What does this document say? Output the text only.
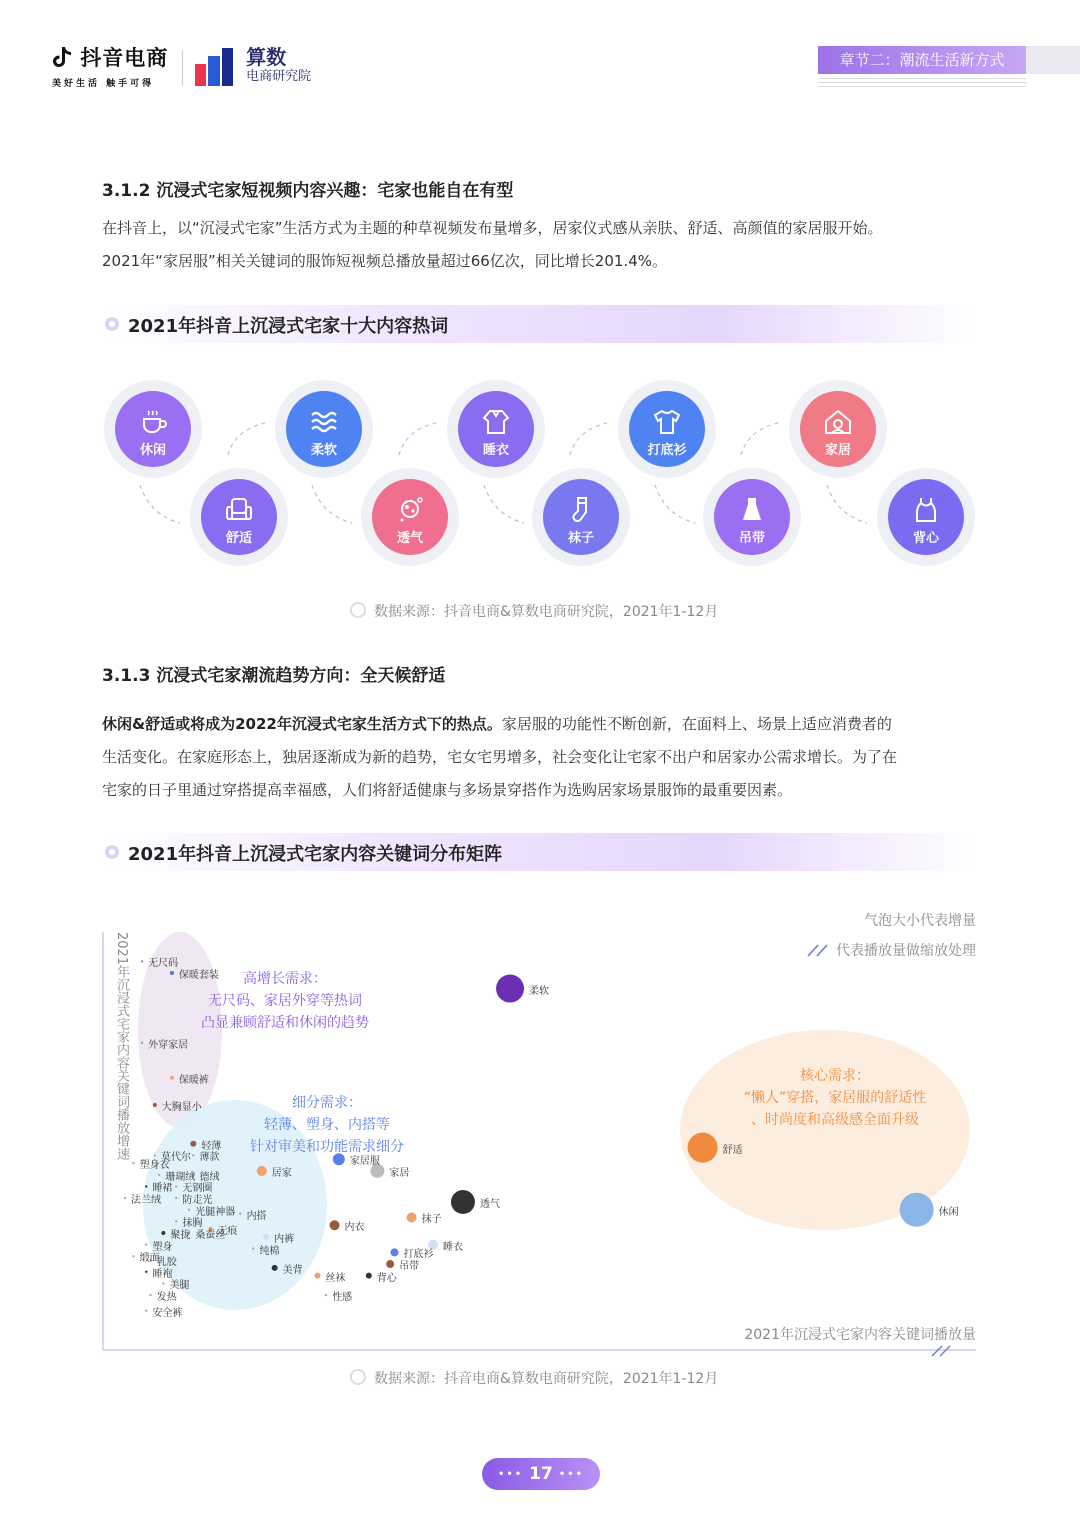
抖音电商
美好生活 触手可得

算数
电商研究院
章节二：潮流生活新方式
3.1.2 沉浸式宅家短视频内容兴趣：宅家也能自在有型
在抖音上，以“沉浸式宅家”生活方式为主题的种草视频发布量增多，居家仪式感从亲肤、舒适、高颜值的家居服开始。
2021年“家居服”相关关键词的服饰短视频总播放量超过66亿次，同比增长201.4%。
2021年抖音上沉浸式宅家十大内容热词
休闲
舒适
柔软
透气
睡衣
袜子
打底衫
吊带
家居
背心
数据来源：抖音电商&算数电商研究院，2021年1-12月
3.1.3 沉浸式宅家潮流趋势方向：全天候舒适
休闲&舒适或将成为2022年沉浸式宅家生活方式下的热点。家居服的功能性不断创新，在面料上、场景上适应消费者的
生活变化。在家庭形态上，独居逐渐成为新的趋势，宅女宅男增多，社会变化让宅家不出户和居家办公需求增长。为了在
宅家的日子里通过穿搭提高幸福感，人们将舒适健康与多场景穿搭作为选购居家场景服饰的最重要因素。
2021年抖音上沉浸式宅家内容关键词分布矩阵
气泡大小代表增量
代表播放量做缩放处理
2021年沉浸式宅家内容关键词播放增速
2021年沉浸式宅家内容关键词播放量
高增长需求：
无尺码、家居外穿等热词
凸显兼顾舒适和休闲的趋势
细分需求：
轻薄、塑身、内搭等
针对审美和功能需求细分
核心需求：
“懒人”穿搭，家居服的舒适性
、时尚度和高级感全面升级
无尺码
保暖套装
柔软
外穿家居
保暖裤
大胸显小
轻薄
莫代尔 薄款
塑身衣
珊瑚绒 德绒	居家
家居服
家居
舒适
休闲
睡裙 无钢圈
透气
法兰绒 防走光
光腿神器 内搭
抹胸
聚拢	无痕
桑蚕丝	内裤
内衣
抹子
睡衣
塑身	纯棉	打底衫
缎面
乳胶	吊带
睡袍	美背
丝袜	背心
美腿
发热	性感
安全裤
数据来源：抖音电商&算数电商研究院，2021年1-12月
••• 17 •••
